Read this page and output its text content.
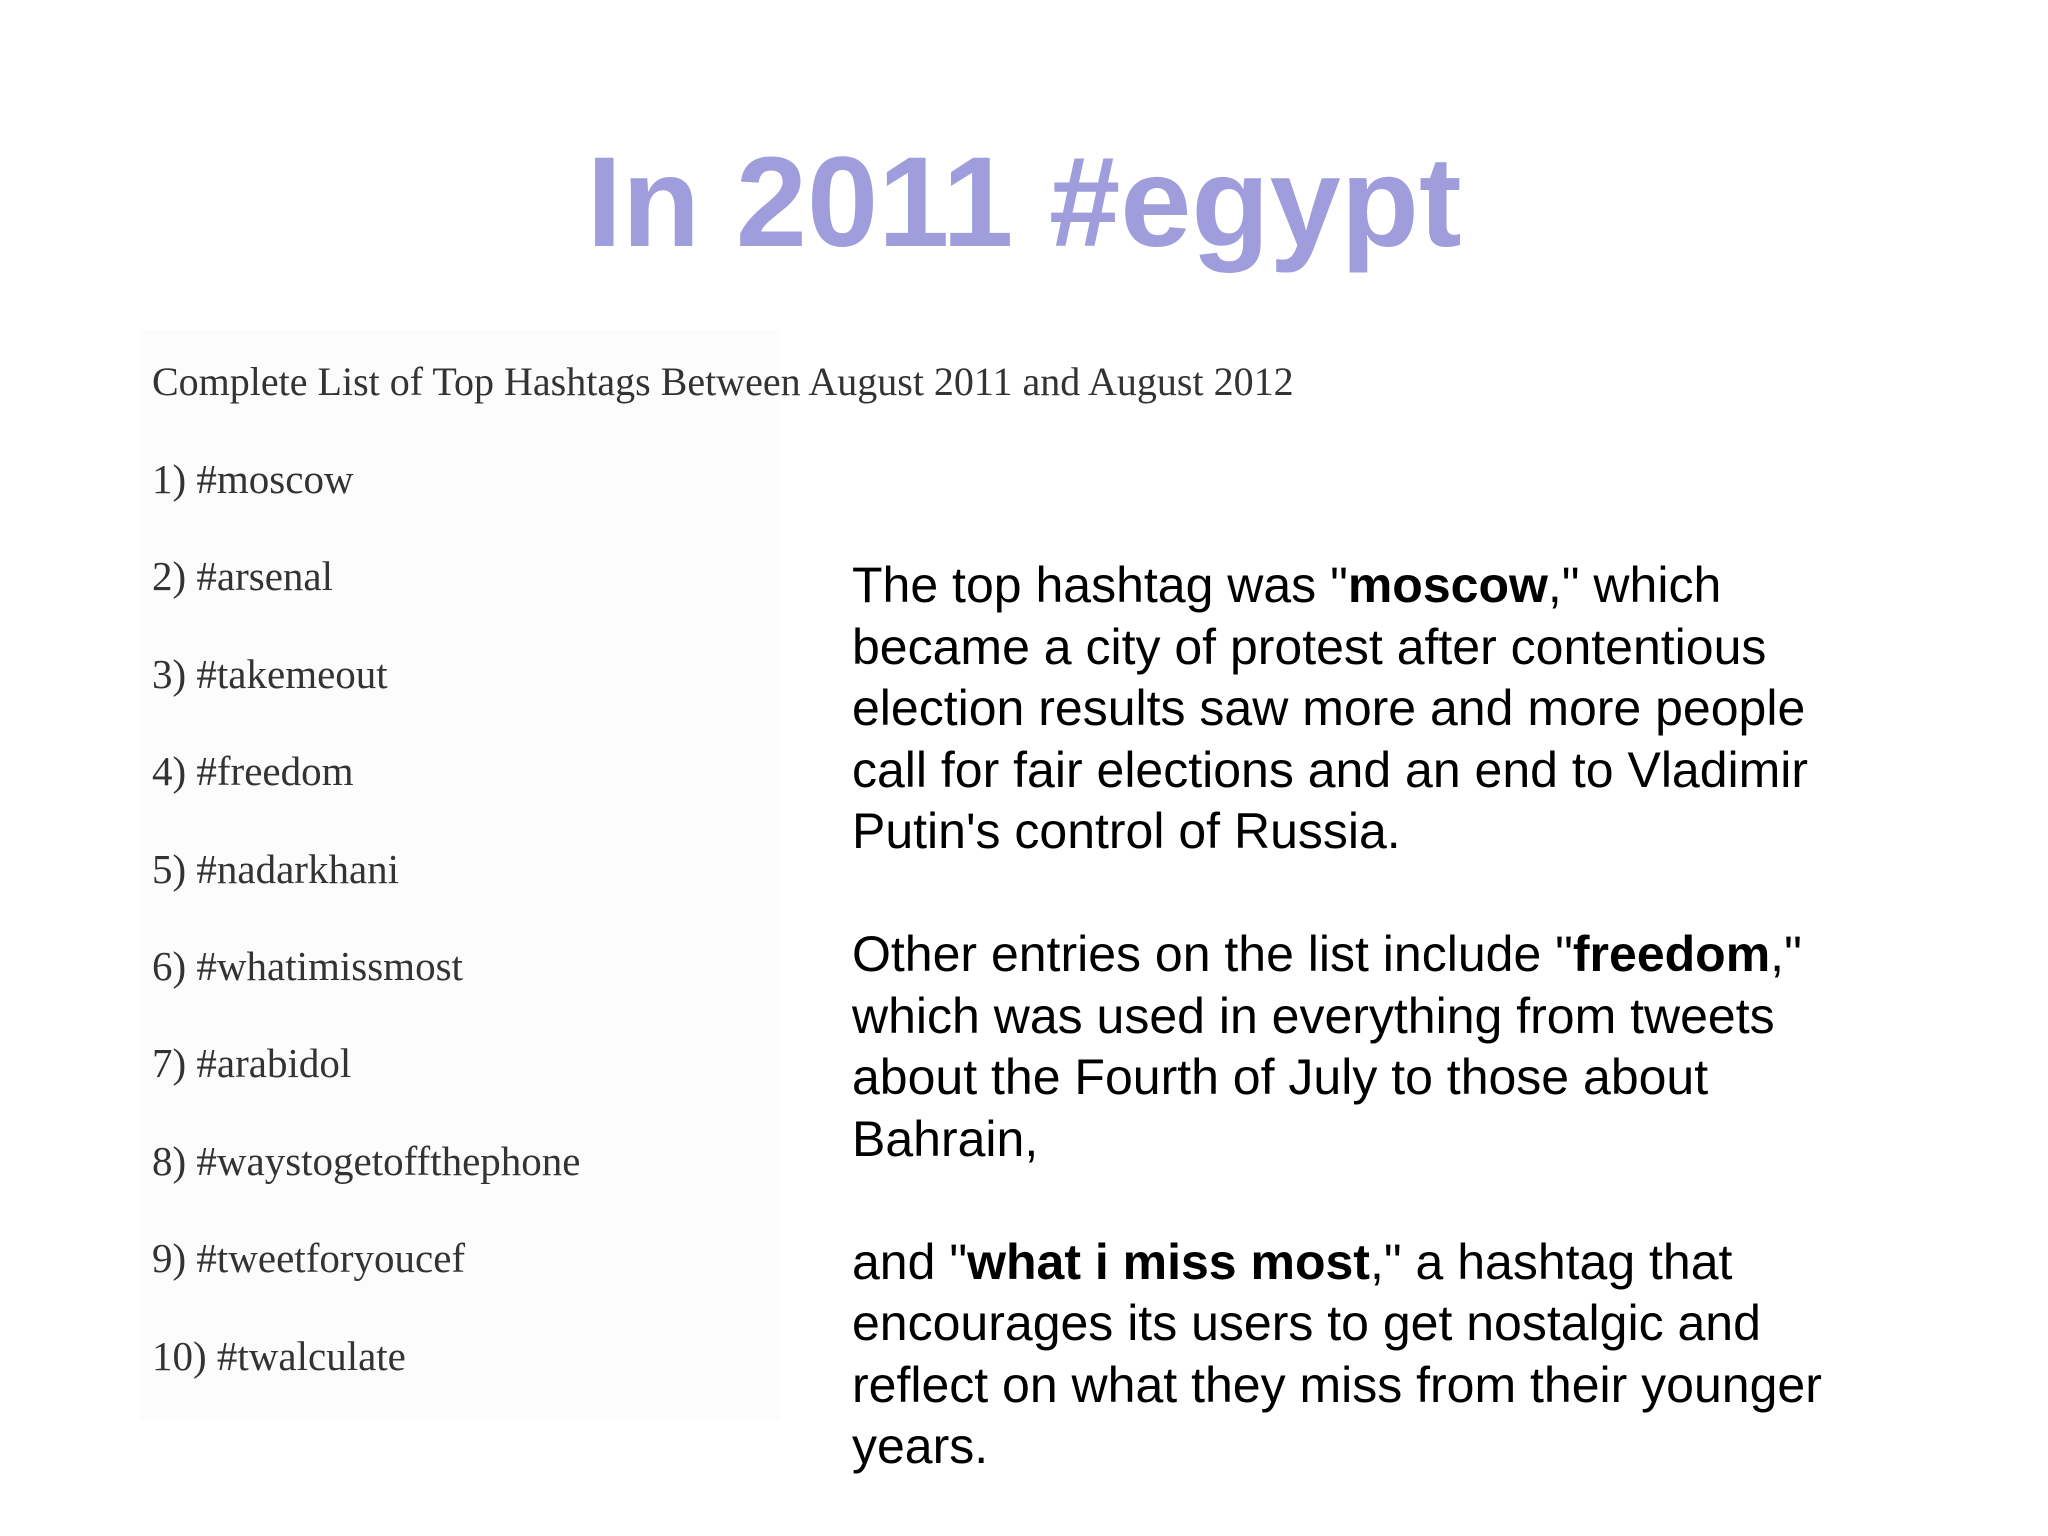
In 2011 #egypt

Complete List of Top Hashtags Between August 2011 and August 2012

1) #moscow
2) #arsenal
3) #takemeout
4) #freedom
5) #nadarkhani
6) #whatimissmost
7) #arabidol
8) #waystogetoffthephone
9) #tweetforyoucef
10) #twalculate

The top hashtag was "moscow," which became a city of protest after contentious election results saw more and more people call for fair elections and an end to Vladimir Putin's control of Russia.

Other entries on the list include "freedom," which was used in everything from tweets about the Fourth of July to those about Bahrain,

and "what i miss most," a hashtag that encourages its users to get nostalgic and reflect on what they miss from their younger years.
